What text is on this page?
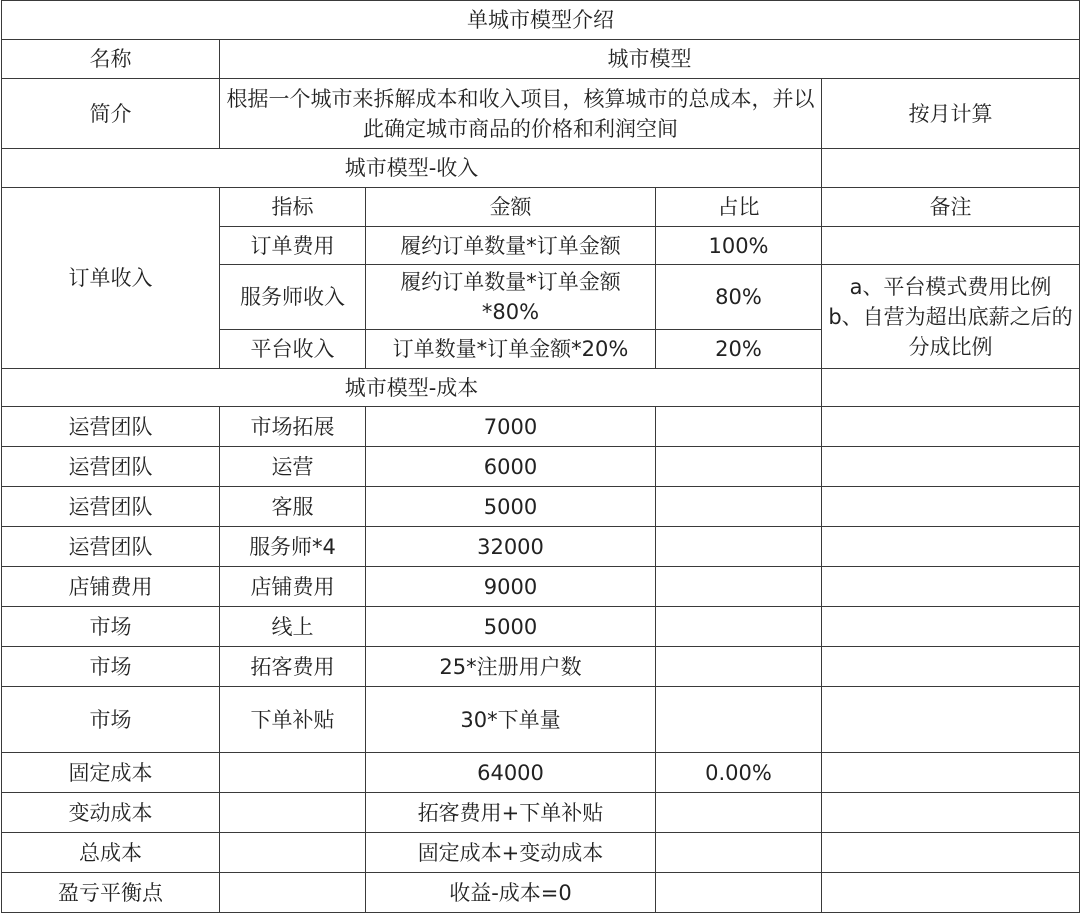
单城市模型介绍				
名称	城市模型			
简介	根据一个城市来拆解成本和收入项目，核算城市的总成本，并以此确定城市商品的价格和利润空间			按月计算
城市模型-收入				
订单收入	指标	金额	占比	备注
	订单费用	履约订单数量*订单金额	100%	
	服务师收入	履约订单数量*订单金额*80%	80%	a、平台模式费用比例
b、自营为超出底薪之后的分成比例

	平台收入	订单数量*订单金额*20%	20%	
城市模型-成本				
运营团队	市场拓展	7000		
运营团队	运营	6000		
运营团队	客服	5000		
运营团队	服务师*4	32000		
店铺费用	店铺费用	9000		
市场	线上	5000		
市场	拓客费用	25*注册用户数		
市场	下单补贴	30*下单量		
固定成本		64000	0.00%	
变动成本		拓客费用+下单补贴		
总成本		固定成本+变动成本		
盈亏平衡点		收益-成本=0		
